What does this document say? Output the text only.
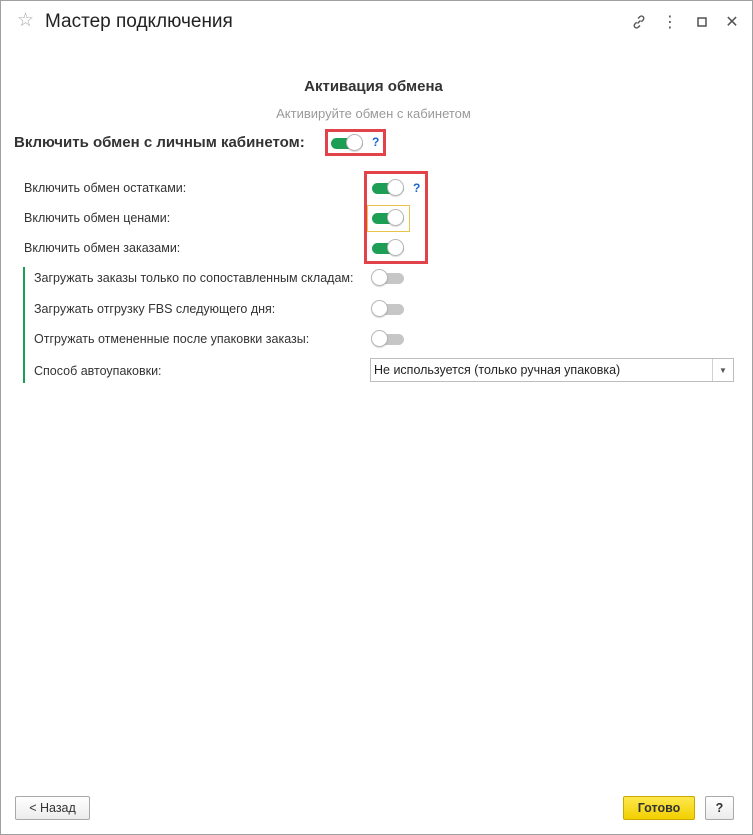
☆ Мастер подключения	⋮	✕
Активация обмена
Активируйте обмен с кабинетом
Включить обмен с личным кабинетом:	?
Включить обмен остатками:	?
Включить обмен ценами:
Включить обмен заказами:
Загружать заказы только по сопоставленным складам:
Загружать отгрузку FBS следующего дня:
Отгружать отмененные после упаковки заказы:
Способ автоупаковки:	Не используется (только ручная упаковка)	▼
< Назад	Готово	?
